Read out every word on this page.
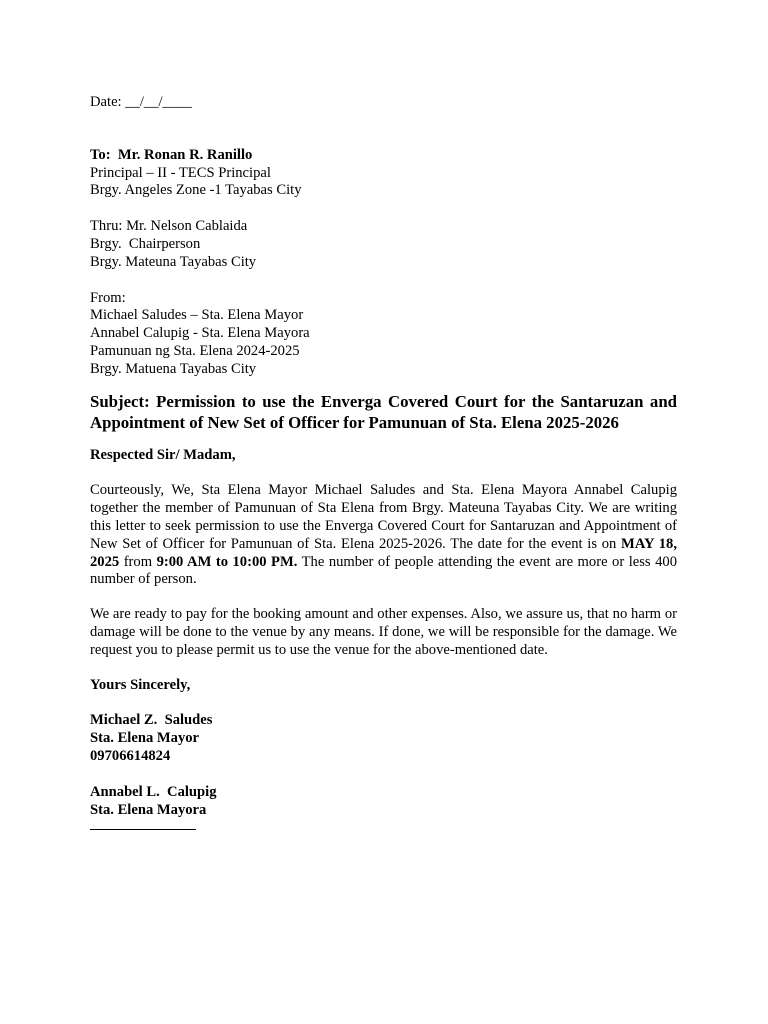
Date: __/__/____
To:  Mr. Ronan R. Ranillo
Principal – II - TECS Principal
Brgy. Angeles Zone -1 Tayabas City
Thru: Mr. Nelson Cablaida
Brgy.  Chairperson
Brgy. Mateuna Tayabas City
From:
Michael Saludes – Sta. Elena Mayor
Annabel Calupig - Sta. Elena Mayora
Pamunuan ng Sta. Elena 2024-2025
Brgy. Matuena Tayabas City
Subject: Permission to use the Enverga Covered Court for the Santaruzan and Appointment of New Set of Officer for Pamunuan of Sta. Elena 2025-2026
Respected Sir/ Madam,
Courteously, We, Sta Elena Mayor Michael Saludes and Sta. Elena Mayora Annabel Calupig together the member of Pamunuan of Sta Elena from Brgy. Mateuna Tayabas City. We are writing this letter to seek permission to use the Enverga Covered Court for Santaruzan and Appointment of New Set of Officer for Pamunuan of Sta. Elena 2025-2026. The date for the event is on MAY 18, 2025 from 9:00 AM to 10:00 PM. The number of people attending the event are more or less 400 number of person.
We are ready to pay for the booking amount and other expenses. Also, we assure us, that no harm or damage will be done to the venue by any means. If done, we will be responsible for the damage. We request you to please permit us to use the venue for the above-mentioned date.
Yours Sincerely,
Michael Z.  Saludes
Sta. Elena Mayor
09706614824
Annabel L.  Calupig
Sta. Elena Mayora
